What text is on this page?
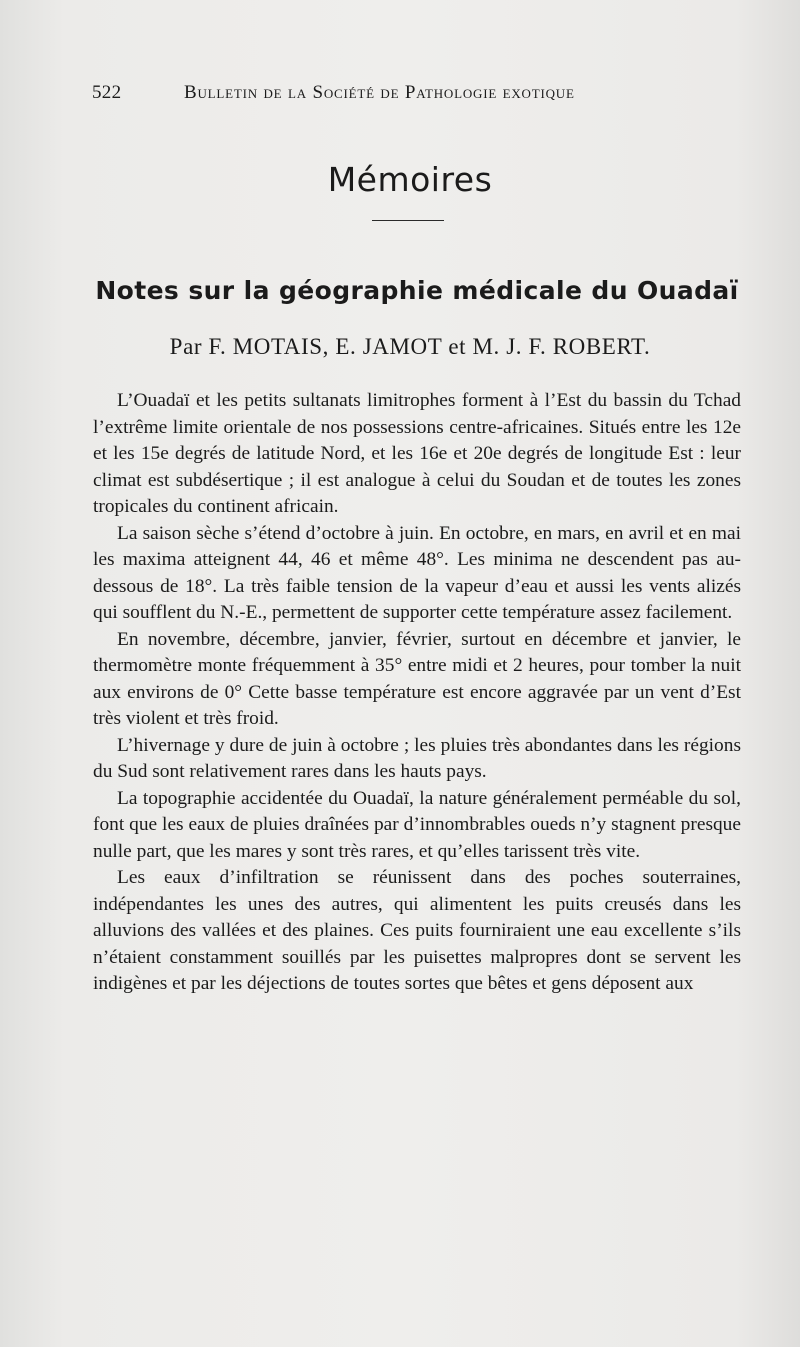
522	Bulletin de la Société de Pathologie exotique
Mémoires
Notes sur la géographie médicale du Ouadaï
Par F. MOTAIS, E. JAMOT et M. J. F. ROBERT.

L’Ouadaï et les petits sultanats limitrophes forment à l’Est du bassin du Tchad l’extrême limite orientale de nos possessions centre-africaines. Situés entre les 12e et les 15e degrés de latitude Nord, et les 16e et 20e degrés de longitude Est : leur climat est subdésertique ; il est analogue à celui du Soudan et de toutes les zones tropicales du continent africain.

La saison sèche s’étend d’octobre à juin. En octobre, en mars, en avril et en mai les maxima atteignent 44, 46 et même 48°. Les minima ne descendent pas au-dessous de 18°. La très faible tension de la vapeur d’eau et aussi les vents alizés qui soufflent du N.-E., permettent de supporter cette température assez facilement.

En novembre, décembre, janvier, février, surtout en décembre et janvier, le thermomètre monte fréquemment à 35° entre midi et 2 heures, pour tomber la nuit aux environs de 0° Cette basse température est encore aggravée par un vent d’Est très violent et très froid.

L’hivernage y dure de juin à octobre ; les pluies très abondantes dans les régions du Sud sont relativement rares dans les hauts pays.

La topographie accidentée du Ouadaï, la nature généralement perméable du sol, font que les eaux de pluies draînées par d’innombrables oueds n’y stagnent presque nulle part, que les mares y sont très rares, et qu’elles tarissent très vite.

Les eaux d’infiltration se réunissent dans des poches souterraines, indépendantes les unes des autres, qui alimentent les puits creusés dans les alluvions des vallées et des plaines. Ces puits fourniraient une eau excellente s’ils n’étaient constamment souillés par les puisettes malpropres dont se servent les indigènes et par les déjections de toutes sortes que bêtes et gens déposent aux
